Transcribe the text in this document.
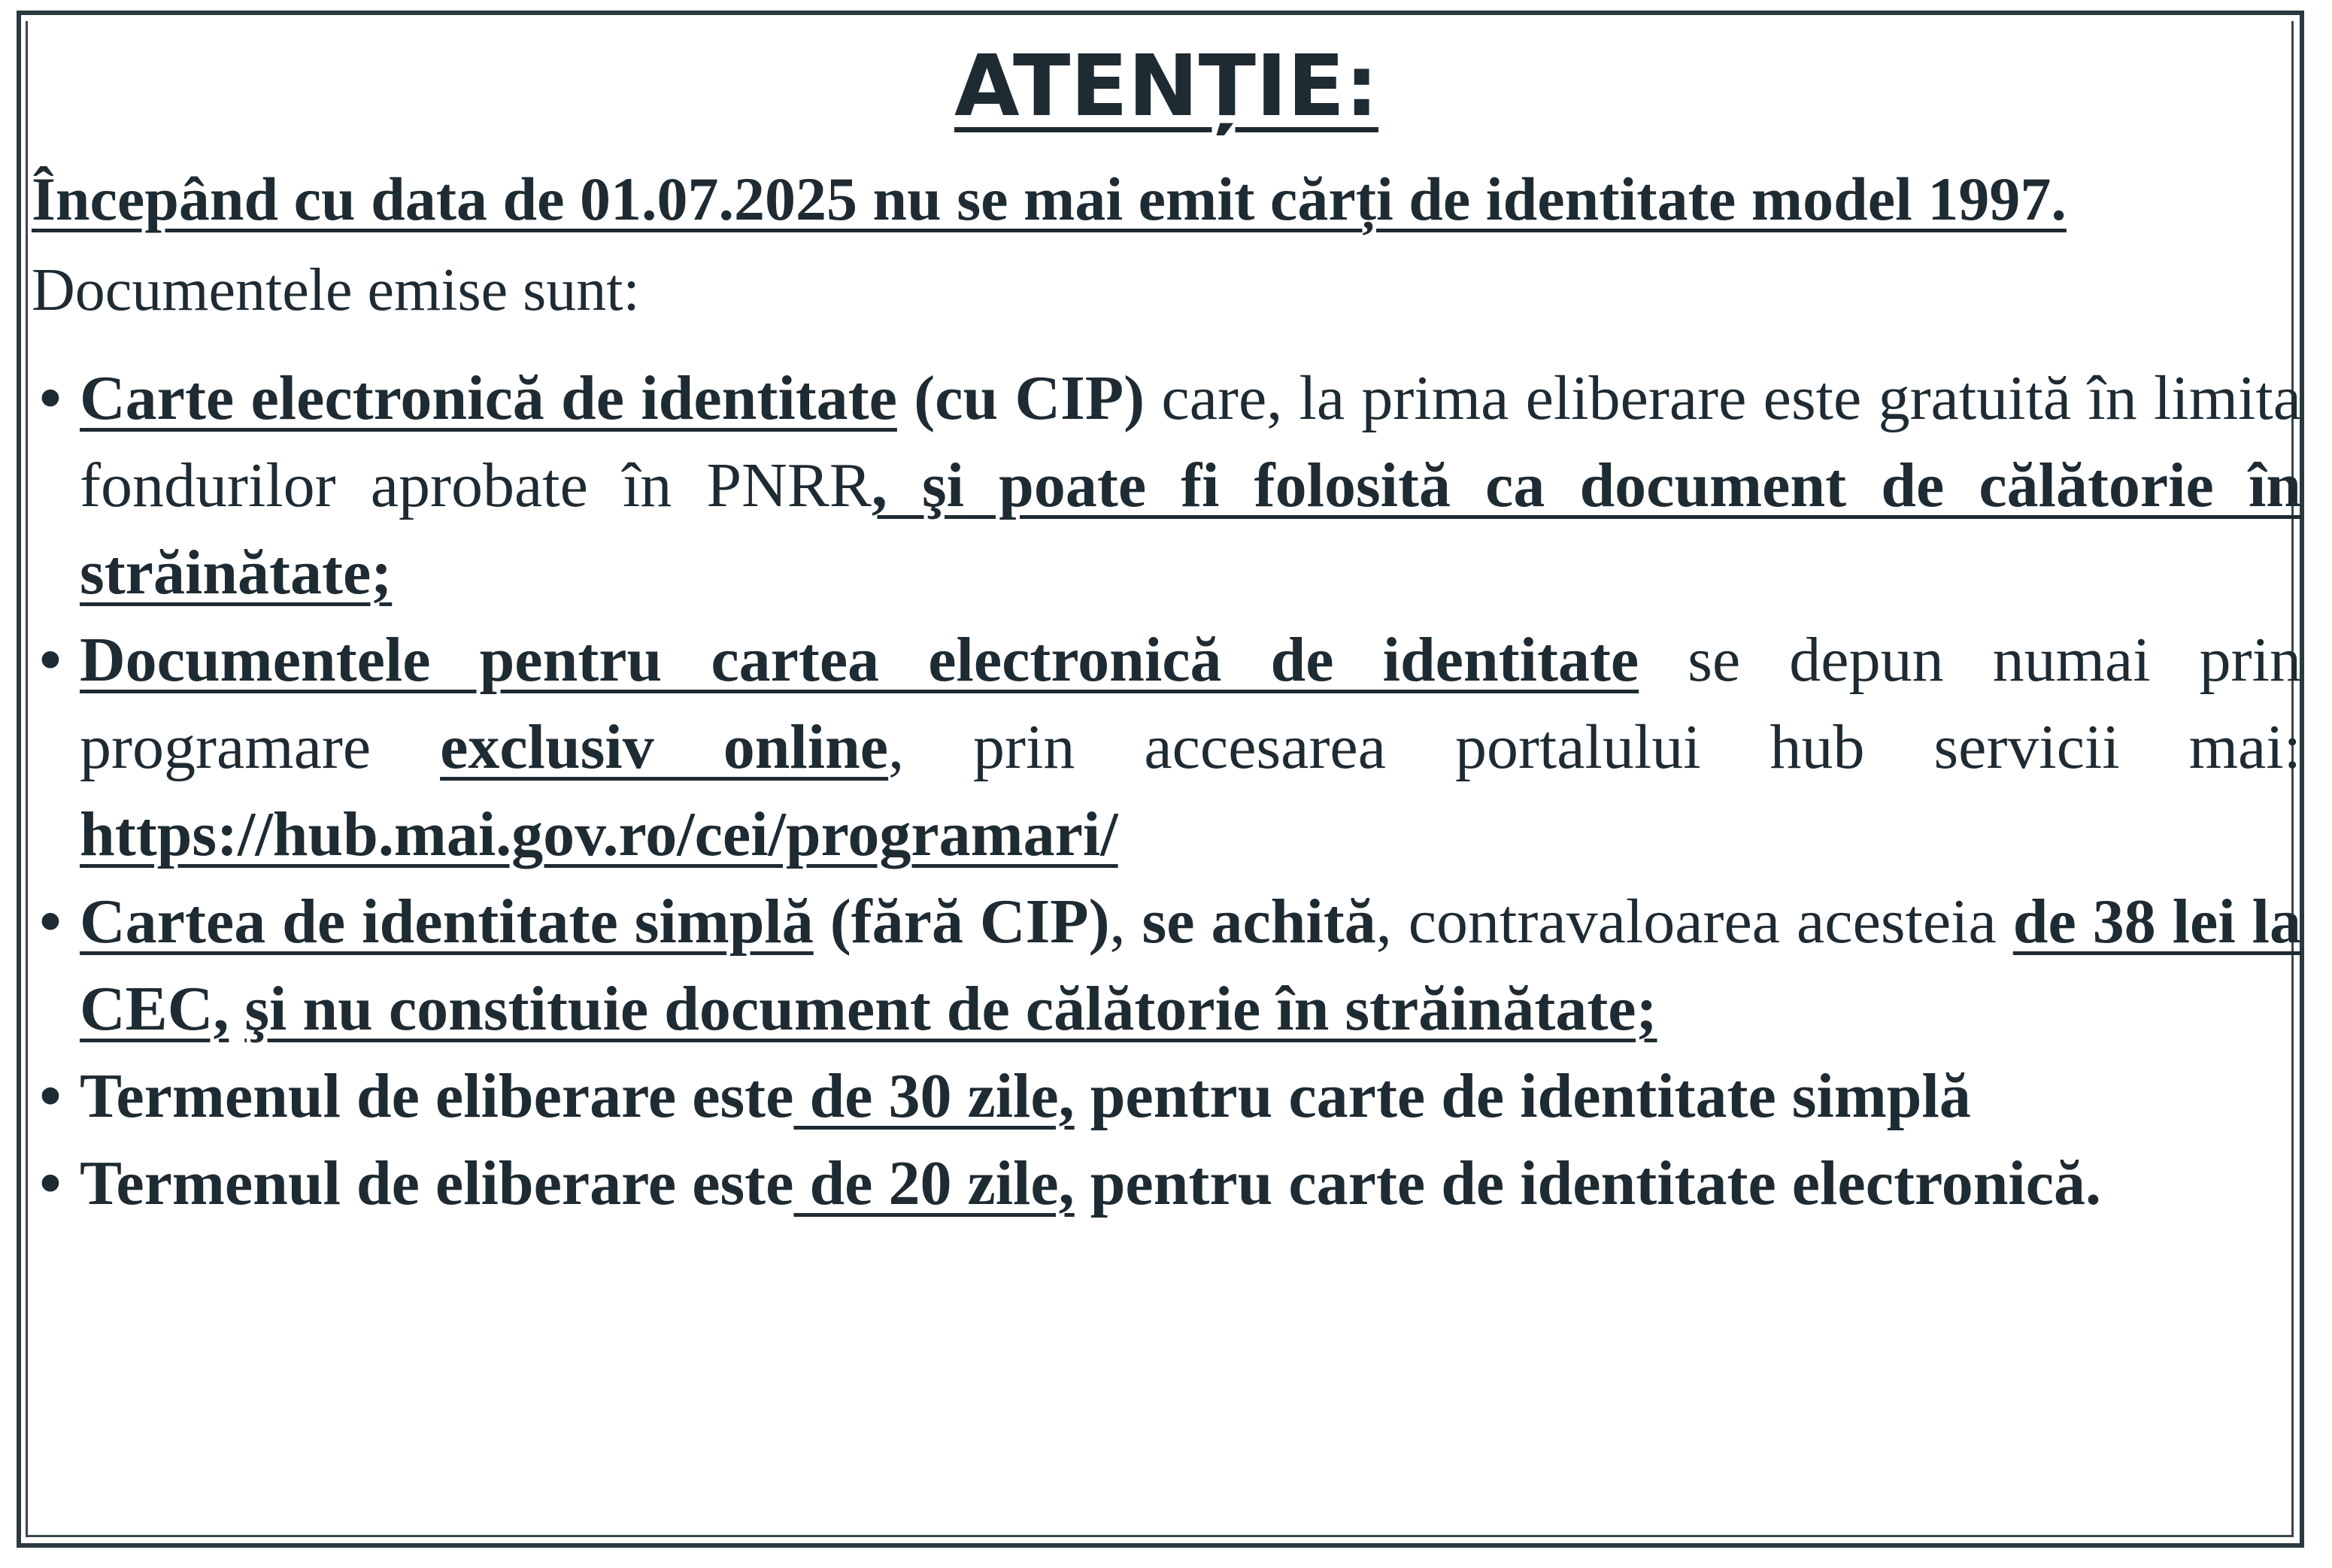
ATENȚIE:
Începând cu data de 01.07.2025 nu se mai emit cărți de identitate model 1997.
Documentele emise sunt:
• Carte electronică de identitate (cu CIP) care, la prima eliberare este gratuită în limita fondurilor aprobate în PNRR, şi poate fi folosită ca document de călătorie în străinătate;
• Documentele pentru cartea electronică de identitate se depun numai prin programare exclusiv online, prin accesarea portalului hub servicii mai: https://hub.mai.gov.ro/cei/programari/
• Cartea de identitate simplă (fără CIP), se achită, contravaloarea acesteia de 38 lei la CEC, şi nu constituie document de călătorie în străinătate;
• Termenul de eliberare este de 30 zile, pentru carte de identitate simplă
• Termenul de eliberare este de 20 zile, pentru carte de identitate electronică.
